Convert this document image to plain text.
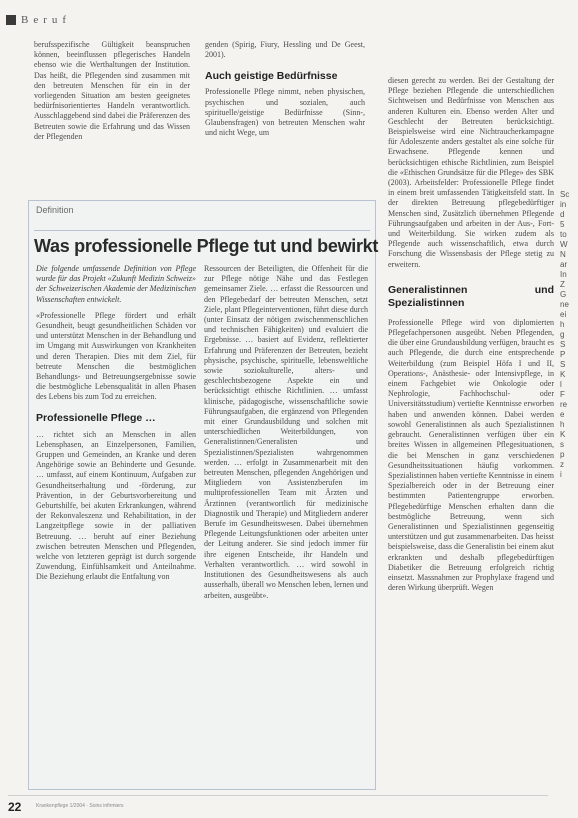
Beruf

berufsspezifische Gültigkeit beanspruchen können, beeinflussen pflegerisches Handeln ebenso wie die Werthaltungen der Institution. Das heißt, die Pflegenden sind zusammen mit den betreuten Menschen für ein in der vorliegenden Situation am besten geeignetes bedürfnisorientiertes Handeln verantwortlich. Ausschlaggebend sind dabei die Präferenzen des Betreuten sowie die Erfahrung und das Wissen der Pflegenden

genden (Spirig, Fiury, Hessling und De Geest, 2001).

Auch geistige Bedürfnisse

Professionelle Pflege nimmt, neben physischen, psychischen und sozialen, auch spirituelle/geistige Bedürfnisse (Sinn-, Glaubensfragen) von betreuten Menschen wahr und nicht Wege, um

Definition
Was professionelle Pflege tut und bewirkt

Die folgende umfassende Definition von Pflege wurde für das Projekt «Zukunft Medizin Schweiz» der Schweizerischen Akademie der Medizinischen Wissenschaften entwickelt.

«Professionelle Pflege fördert und erhält Gesundheit, beugt gesundheitlichen Schäden vor und unterstützt Menschen in der Behandlung und im Umgang mit Auswirkungen von Krankheiten und deren Therapien. Dies mit dem Ziel, für betreute Menschen die bestmöglichen Behandlungs- und Betreuungsergebnisse sowie die bestmögliche Lebensqualität in allen Phasen des Lebens bis zum Tod zu erreichen.

Professionelle Pflege …

… richtet sich an Menschen in allen Lebensphasen, an Einzelpersonen, Familien, Gruppen und Gemeinden, an Kranke und deren Angehörige sowie an Behinderte und Gesunde. … umfasst, auf einem Kontinuum, Aufgaben zur Gesundheitserhaltung und -förderung, zur Prävention, in der Geburtsvorbereitung und Geburtshilfe, bei akuten Erkrankungen, während der Rekonvaleszenz und Rehabilitation, in der Langzeitpflege sowie in der palliativen Betreuung. … beruht auf einer Beziehung zwischen betreuten Menschen und Pflegenden, welche von letzteren geprägt ist durch sorgende Zuwendung, Einfühlsamkeit und Anteilnahme. Die Beziehung erlaubt die Entfaltung von

Ressourcen der Beteiligten, die Offenheit für die zur Pflege nötige Nähe und das Festlegen gemeinsamer Ziele. … erfasst die Ressourcen und den Pflegebedarf der betreuten Menschen, setzt Ziele, plant Pflegeinterventionen, führt diese durch (unter Einsatz der nötigen zwischenmenschlichen und technischen Fähigkeiten) und evaluiert die Ergebnisse. … basiert auf Evidenz, reflektierter Erfahrung und Präferenzen der Betreuten, bezieht physische, psychische, spirituelle, lebensweltliche sowie soziokulturelle, alters- und geschlechtsbezogene Aspekte ein und berücksichtigt ethische Richtlinien. … umfasst klinische, pädagogische, wissenschaftliche sowie Führungsaufgaben, die ergänzend von Pflegenden mit einer Grundausbildung und solchen mit unterschiedlichen Weiterbildungen, von Generalistinnen/Generalisten und Spezialistinnen/Spezialisten wahrgenommen werden. … erfolgt in Zusammenarbeit mit den betreuten Menschen, pflegenden Angehörigen und Mitgliedern von Assistenzberufen im multiprofessionellen Team mit Ärzten und Ärztinnen (verantwortlich für medizinische Diagnostik und Therapie) und Mitgliedern anderer Berufe im Gesundheitswesen. Dabei übernehmen Pflegende Leitungsfunktionen oder arbeiten unter der Leitung anderer. Sie sind jedoch immer für ihre eigenen Entscheide, ihr Handeln und Verhalten verantwortlich. … wird sowohl in Institutionen des Gesundheitswesens als auch ausserhalb, überall wo Menschen leben, lernen und arbeiten, ausgeübt».

diesen gerecht zu werden. Bei der Gestaltung der Pflege beziehen Pflegende die unterschiedlichen Sichtweisen und Bedürfnisse von Menschen aus anderen Kulturen ein. Ebenso werden Alter und Geschlecht der Betreuten berücksichtigt. Beispielsweise wird eine Nichtraucherkampagne für Adoleszente anders gestaltet als eine solche für Erwachsene. Pflegende kennen und berücksichtigen ethische Richtlinien, zum Beispiel die «Ethischen Grundsätze für die Pflege» des SBK (2003). Arbeitsfelder: Professionelle Pflege findet in einem breit umfassenden Tätigkeitsfeld statt. In der direkten Betreuung pflegebedürftiger Menschen sind, Zusätzlich übernehmen Pflegende Führungsaufgaben und arbeiten in der Aus-, Fort- und Weiterbildung. Sie wirken zudem als Pflegende auch wissenschaftlich, etwa durch Forschung die Wissensbasis der Pflege stetig zu erweitern.

Generalistinnen und Spezialistinnen

Professionelle Pflege wird von diplomierten Pflegefachpersonen ausgeübt. Neben Pflegenden, die über eine Grundausbildung verfügen, braucht es auch Pflegende, die durch eine entsprechende Weiterbildung (zum Beispiel Höfa I und II, Operations-, Anästhesie- oder Intensivpflege, in einem Fachgebiet wie Onkologie oder Nephrologie, Fachhochschul- oder Universitätsstudium) vertiefte Kenntnisse erworben haben und anwenden können. Dabei werden sowohl Generalistinnen als auch Spezialistinnen gebraucht. Generalistinnen verfügen über ein breites Wissen in allgemeinen Pflegesituationen, die bei Menschen in ganz verschiedenen Gesundheitssituationen häufig vorkommen. Spezialistinnen haben vertiefte Kenntnisse in einem Spezialbereich oder in der Betreuung einer bestimmten Patientengruppe erworben. Pflegebedürftige Menschen erhalten dann die bestmögliche Betreuung, wenn sich Generalistinnen und Spezialistinnen gegenseitig unterstützen und gut zusammenarbeiten. Das heisst beispielsweise, dass die Generalistin bei einem akut erkrankten und deshalb pflegebedürftigen Diabetiker die Betreuung erfolgreich richtig einsetzt. Massnahmen zur Prophylaxe fragend und deren Wirkung überprüft. Wegen

Sc in d 5 to W N ar In Z G ne ei h g S P S K l F re e h K s p z i
22	Krankenpflege 1/2004 · Soins infirmiers
